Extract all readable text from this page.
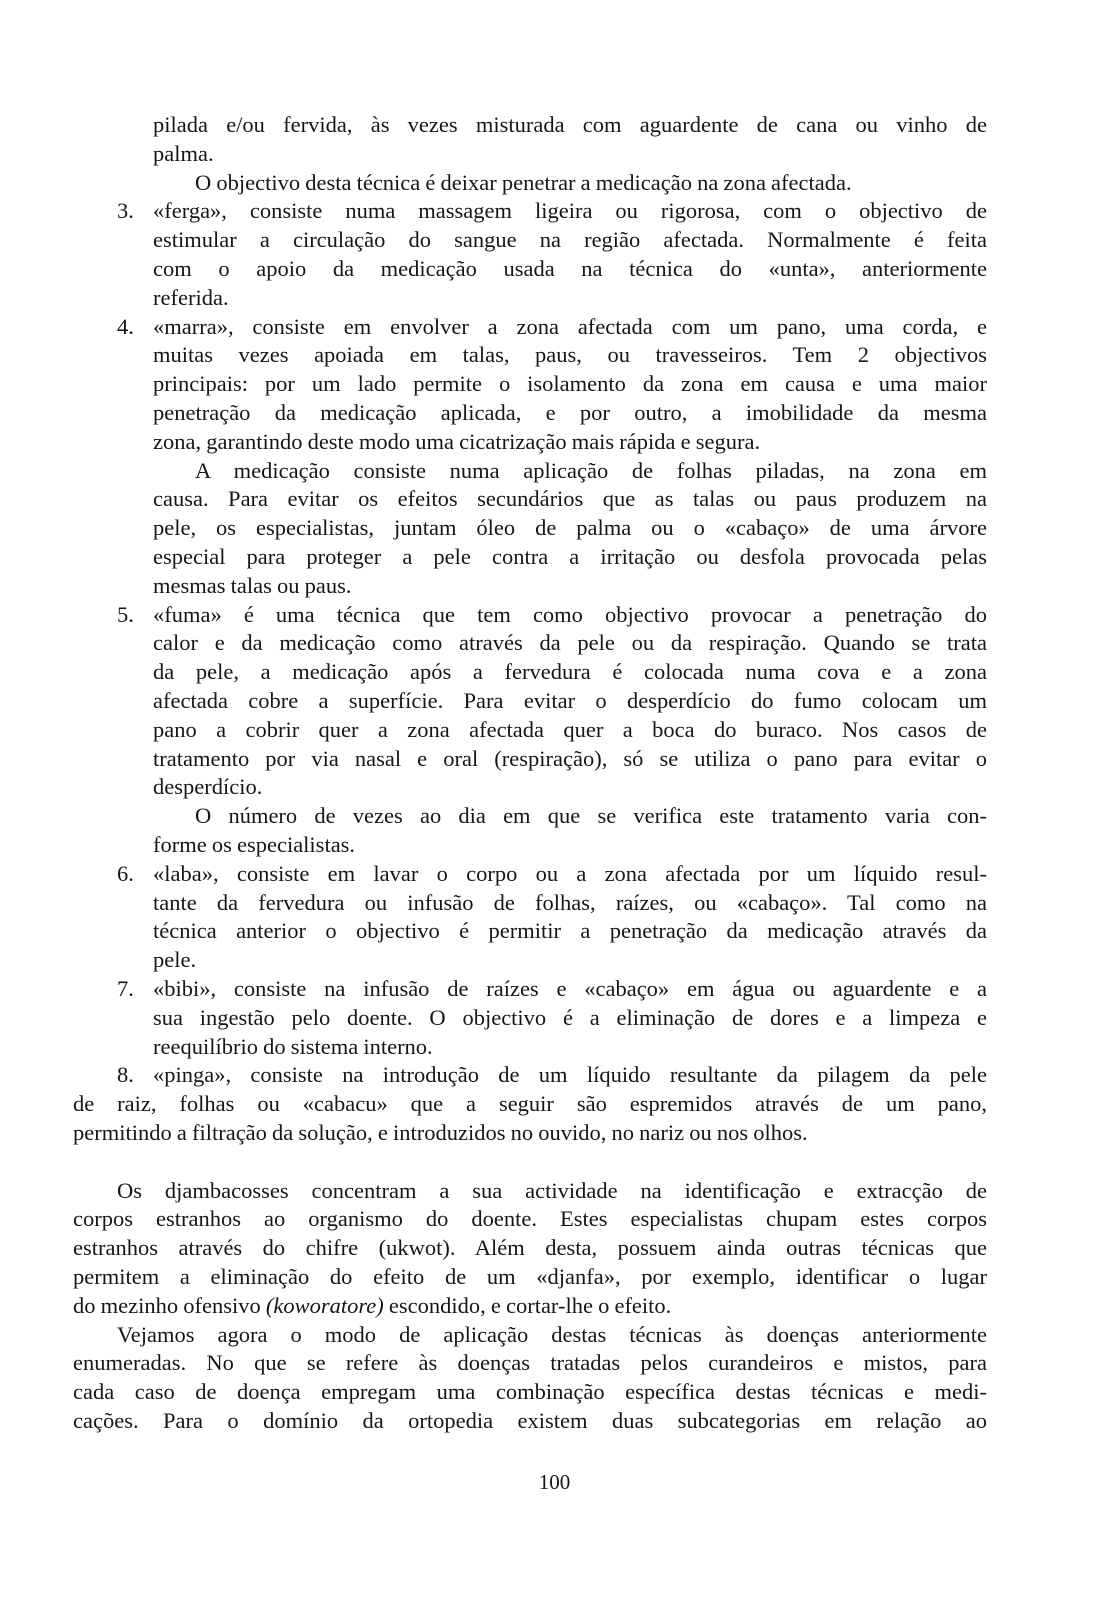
100
pilada e/ou fervida, às vezes misturada com aguardente de cana ou vinho de
palma.
O objectivo desta técnica é deixar penetrar a medicação na zona afectada.
3. «ferga», consiste numa massagem ligeira ou rigorosa, com o objectivo de
estimular a circulação do sangue na região afectada. Normalmente é feita
com o apoio da medicação usada na técnica do «unta», anteriormente
referida.
4. «marra», consiste em envolver a zona afectada com um pano, uma corda, e
muitas vezes apoiada em talas, paus, ou travesseiros. Tem 2 objectivos
principais: por um lado permite o isolamento da zona em causa e uma maior
penetração da medicação aplicada, e por outro, a imobilidade da mesma
zona, garantindo deste modo uma cicatrização mais rápida e segura.
A medicação consiste numa aplicação de folhas piladas, na zona em
causa. Para evitar os efeitos secundários que as talas ou paus produzem na
pele, os especialistas, juntam óleo de palma ou o «cabaço» de uma árvore
especial para proteger a pele contra a irritação ou desfola provocada pelas
mesmas talas ou paus.
5. «fuma» é uma técnica que tem como objectivo provocar a penetração do
calor e da medicação como através da pele ou da respiração. Quando se trata
da pele, a medicação após a fervedura é colocada numa cova e a zona
afectada cobre a superfície. Para evitar o desperdício do fumo colocam um
pano a cobrir quer a zona afectada quer a boca do buraco. Nos casos de
tratamento por via nasal e oral (respiração), só se utiliza o pano para evitar o
desperdício.
O número de vezes ao dia em que se verifica este tratamento varia con-
forme os especialistas.
6. «laba», consiste em lavar o corpo ou a zona afectada por um líquido resul-
tante da fervedura ou infusão de folhas, raízes, ou «cabaço». Tal como na
técnica anterior o objectivo é permitir a penetração da medicação através da
pele.
7. «bibi», consiste na infusão de raízes e «cabaço» em água ou aguardente e a
sua ingestão pelo doente. O objectivo é a eliminação de dores e a limpeza e
reequilíbrio do sistema interno.
8. «pinga», consiste na introdução de um líquido resultante da pilagem da pele
de raiz, folhas ou «cabacu» que a seguir são espremidos através de um pano,
permitindo a filtração da solução, e introduzidos no ouvido, no nariz ou nos olhos.
Os djambacosses concentram a sua actividade na identificação e extracção de
corpos estranhos ao organismo do doente. Estes especialistas chupam estes corpos
estranhos através do chifre (ukwot). Além desta, possuem ainda outras técnicas que
permitem a eliminação do efeito de um «djanfa», por exemplo, identificar o lugar
do mezinho ofensivo (koworatore) escondido, e cortar-lhe o efeito.
Vejamos agora o modo de aplicação destas técnicas às doenças anteriormente
enumeradas. No que se refere às doenças tratadas pelos curandeiros e mistos, para
cada caso de doença empregam uma combinação específica destas técnicas e medi-
cações. Para o domínio da ortopedia existem duas subcategorias em relação ao
